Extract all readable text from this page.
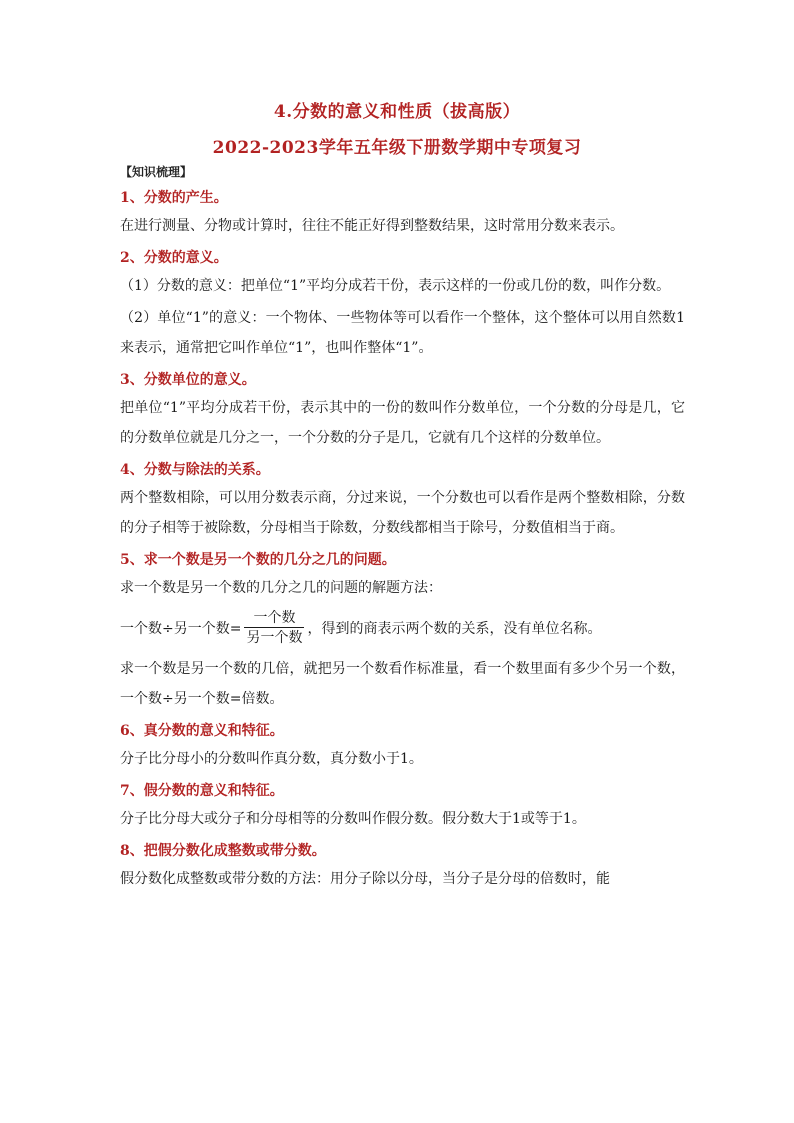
4.分数的意义和性质（拔高版）
2022-2023学年五年级下册数学期中专项复习
【知识梳理】
1、分数的产生。
在进行测量、分物或计算时，往往不能正好得到整数结果，这时常用分数来表示。
2、分数的意义。
（1）分数的意义：把单位“1”平均分成若干份，表示这样的一份或几份的数，叫作分数。
（2）单位“1”的意义：一个物体、一些物体等可以看作一个整体，这个整体可以用自然数1来表示，通常把它叫作单位“1”，也叫作整体“1”。
3、分数单位的意义。
把单位“1”平均分成若干份，表示其中的一份的数叫作分数单位，一个分数的分母是几，它的分数单位就是几分之一，一个分数的分子是几，它就有几个这样的分数单位。
4、分数与除法的关系。
两个整数相除，可以用分数表示商，分过来说，一个分数也可以看作是两个整数相除，分数的分子相等于被除数，分母相当于除数，分数线都相当于除号，分数值相当于商。
5、求一个数是另一个数的几分之几的问题。
求一个数是另一个数的几分之几的问题的解题方法：
一个数÷另一个数= $\frac{\text{一个数}}{\text{另一个数}}$ ，得到的商表示两个数的关系，没有单位名称。
求一个数是另一个数的几倍，就把另一个数看作标准量，看一个数里面有多少个另一个数，一个数÷另一个数=倍数。
6、真分数的意义和特征。
分子比分母小的分数叫作真分数，真分数小于1。
7、假分数的意义和特征。
分子比分母大或分子和分母相等的分数叫作假分数。假分数大于1或等于1。
8、把假分数化成整数或带分数。
假分数化成整数或带分数的方法：用分子除以分母，当分子是分母的倍数时，能
